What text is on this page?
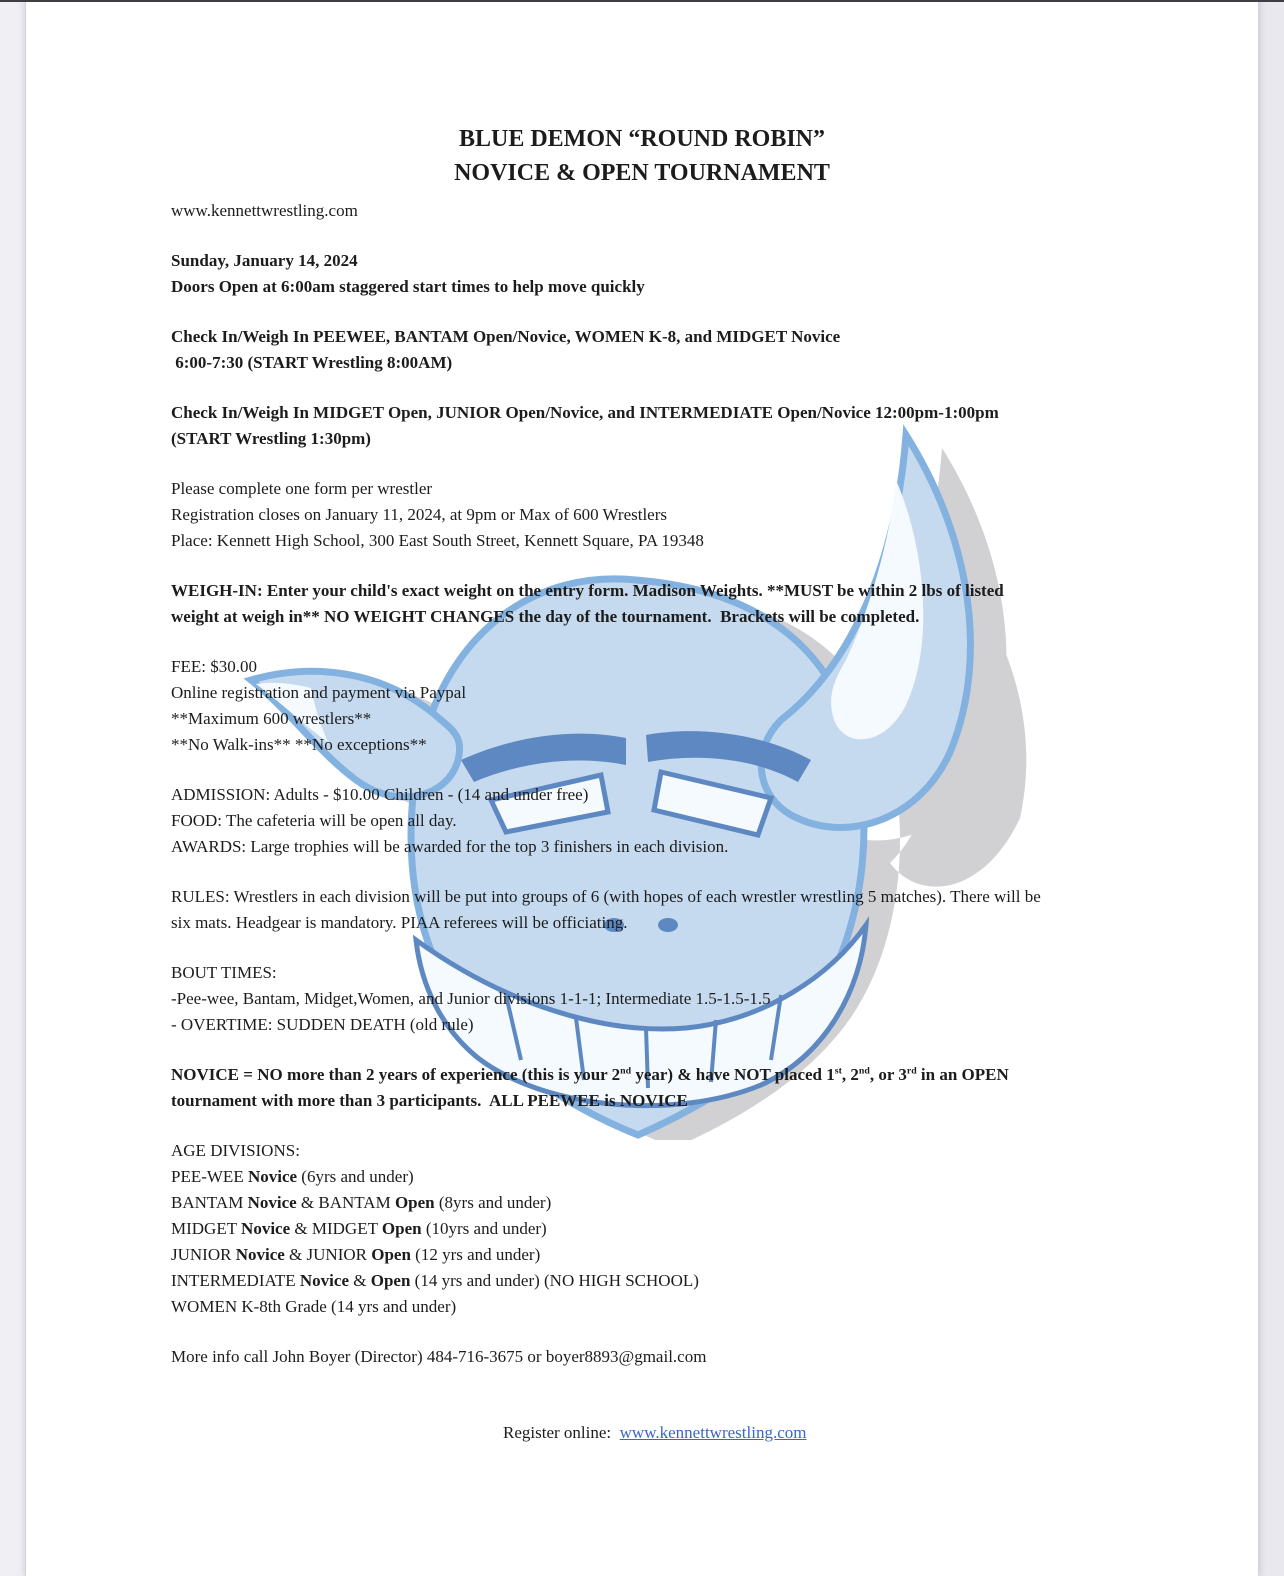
BLUE DEMON “ROUND ROBIN”
NOVICE & OPEN TOURNAMENT
www.kennettwrestling.com
Sunday, January 14, 2024
Doors Open at 6:00am staggered start times to help move quickly
Check In/Weigh In PEEWEE, BANTAM Open/Novice, WOMEN K-8, and MIDGET Novice
6:00-7:30 (START Wrestling 8:00AM)
Check In/Weigh In MIDGET Open, JUNIOR Open/Novice, and INTERMEDIATE Open/Novice 12:00pm-1:00pm
(START Wrestling 1:30pm)
Please complete one form per wrestler
Registration closes on January 11, 2024, at 9pm or Max of 600 Wrestlers
Place: Kennett High School, 300 East South Street, Kennett Square, PA 19348
WEIGH-IN: Enter your child's exact weight on the entry form. Madison Weights. **MUST be within 2 lbs of listed
weight at weigh in** NO WEIGHT CHANGES the day of the tournament.  Brackets will be completed.
FEE: $30.00
Online registration and payment via Paypal
**Maximum 600 wrestlers**
**No Walk-ins** **No exceptions**
ADMISSION: Adults - $10.00 Children - (14 and under free)
FOOD: The cafeteria will be open all day.
AWARDS: Large trophies will be awarded for the top 3 finishers in each division.
RULES: Wrestlers in each division will be put into groups of 6 (with hopes of each wrestler wrestling 5 matches). There will be
six mats. Headgear is mandatory. PIAA referees will be officiating.
BOUT TIMES:
-Pee-wee, Bantam, Midget,Women, and Junior divisions 1-1-1; Intermediate 1.5-1.5-1.5
- OVERTIME: SUDDEN DEATH (old rule)
NOVICE = NO more than 2 years of experience (this is your 2nd year) & have NOT placed 1st, 2nd, or 3rd in an OPEN
tournament with more than 3 participants.  ALL PEEWEE is NOVICE
AGE DIVISIONS:
PEE-WEE Novice (6yrs and under)
BANTAM Novice & BANTAM Open (8yrs and under)
MIDGET Novice & MIDGET Open (10yrs and under)
JUNIOR Novice & JUNIOR Open (12 yrs and under)
INTERMEDIATE Novice & Open (14 yrs and under) (NO HIGH SCHOOL)
WOMEN K-8th Grade (14 yrs and under)
More info call John Boyer (Director) 484-716-3675 or boyer8893@gmail.com

Register online:  www.kennettwrestling.com
